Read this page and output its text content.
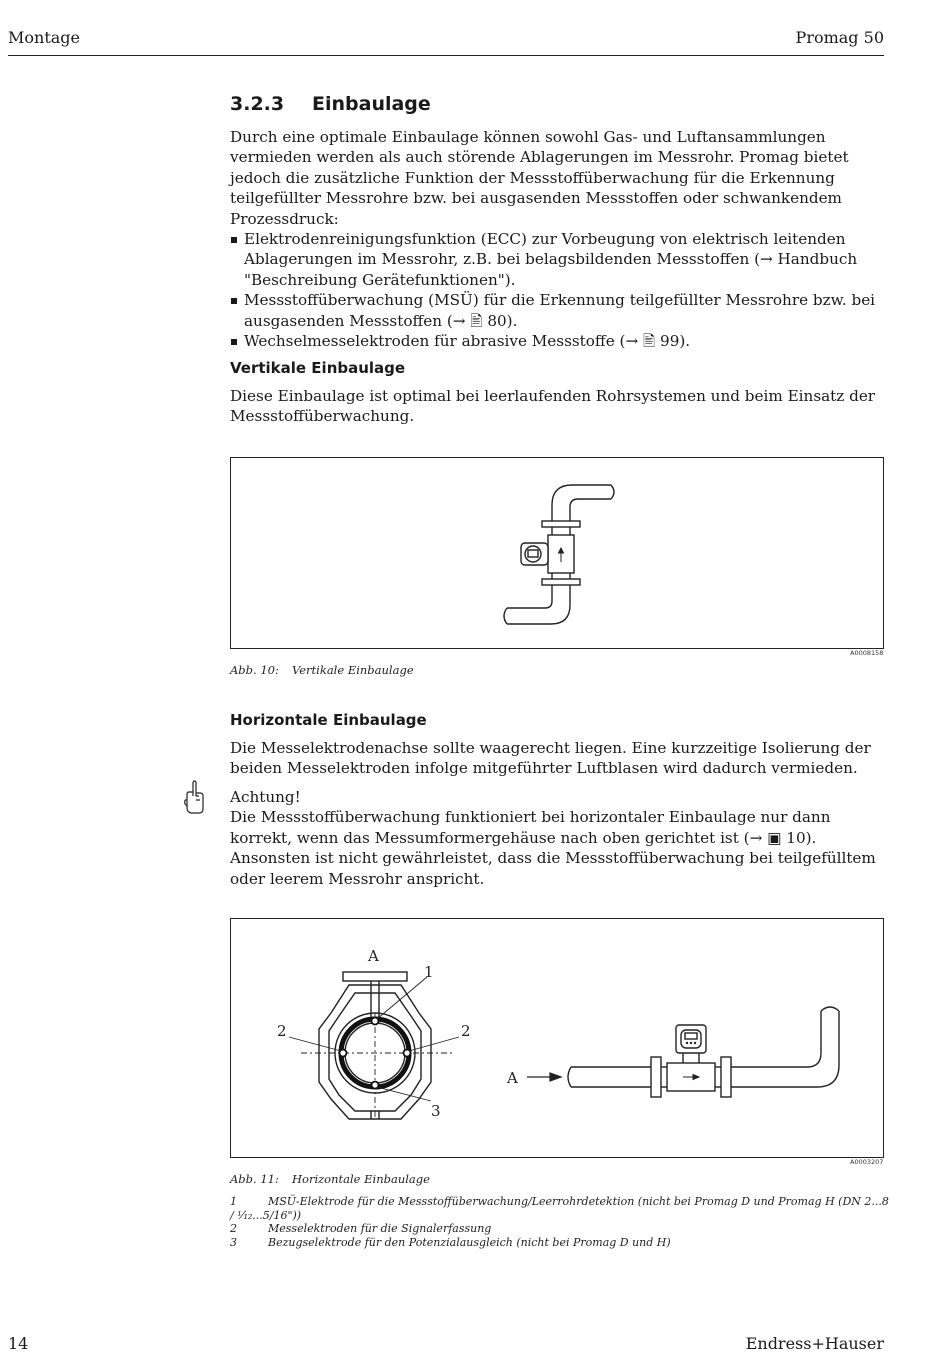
Montage	Promag 50
3.2.3 Einbaulage
Durch eine optimale Einbaulage können sowohl Gas- und Luftansammlungen vermieden werden als auch störende Ablagerungen im Messrohr. Promag bietet jedoch die zusätzliche Funktion der Messstoffüberwachung für die Erkennung teilgefüllter Messrohre bzw. bei ausgasenden Messstoffen oder schwankendem Prozessdruck:
Elektrodenreinigungsfunktion (ECC) zur Vorbeugung von elektrisch leitenden Ablagerungen im Messrohr, z.B. bei belagsbildenden Messstoffen (→ Handbuch "Beschreibung Gerätefunktionen").
Messstoffüberwachung (MSÜ) für die Erkennung teilgefüllter Messrohre bzw. bei ausgasenden Messstoffen (→ 🖹 80).
Wechselmesselektroden für abrasive Messstoffe (→ 🖹 99).
Vertikale Einbaulage
Diese Einbaulage ist optimal bei leerlaufenden Rohrsystemen und beim Einsatz der Messstoffüberwachung.
A0008158
Abb. 10: Vertikale Einbaulage
Horizontale Einbaulage
Die Messelektrodenachse sollte waagerecht liegen. Eine kurzzeitige Isolierung der beiden Messelektroden infolge mitgeführter Luftblasen wird dadurch vermieden.
Achtung!
Die Messstoffüberwachung funktioniert bei horizontaler Einbaulage nur dann korrekt, wenn das Messumformergehäuse nach oben gerichtet ist (→ ▣ 10). Ansonsten ist nicht gewährleistet, dass die Messstoffüberwachung bei teilgefülltem oder leerem Messrohr anspricht.
A
1
2	2
3
A
A0003207
Abb. 11: Horizontale Einbaulage
1	MSÜ-Elektrode für die Messstoffüberwachung/Leerrohrdetektion (nicht bei Promag D und Promag H (DN 2...8 / ¹⁄₁₂...5/16"))
2	Messelektroden für die Signalerfassung
3	Bezugselektrode für den Potenzialausgleich (nicht bei Promag D und H)
14	Endress+Hauser
